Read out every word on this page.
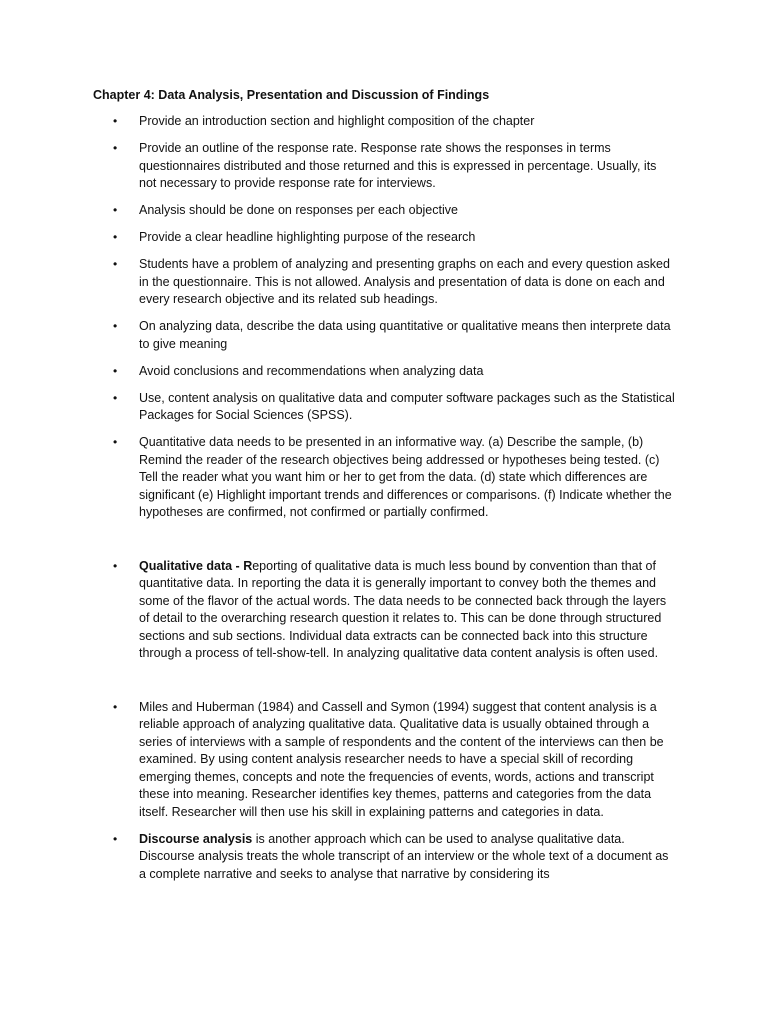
Chapter 4: Data Analysis, Presentation and Discussion of Findings
• Provide an introduction section and highlight composition of the chapter
• Provide an outline of the response rate. Response rate shows the responses in terms questionnaires distributed and those returned and this is expressed in percentage. Usually, its not necessary to provide response rate for interviews.
• Analysis should be done on responses per each objective
• Provide a clear headline highlighting purpose of the research
• Students have a problem of analyzing and presenting graphs on each and every question asked in the questionnaire. This is not allowed. Analysis and presentation of data is done on each and every research objective and its related sub headings.
• On analyzing data, describe the data using quantitative or qualitative means then interprete data to give meaning
• Avoid conclusions and recommendations when analyzing data
• Use, content analysis on qualitative data and computer software packages such as the Statistical Packages for Social Sciences (SPSS).
• Quantitative data needs to be presented in an informative way. (a) Describe the sample, (b) Remind the reader of the research objectives being addressed or hypotheses being tested. (c) Tell the reader what you want him or her to get from the data. (d) state which differences are significant (e) Highlight important trends and differences or comparisons. (f) Indicate whether the hypotheses are confirmed, not confirmed or partially confirmed.
• Qualitative data - Reporting of qualitative data is much less bound by convention than that of quantitative data. In reporting the data it is generally important to convey both the themes and some of the flavor of the actual words. The data needs to be connected back through the layers of detail to the overarching research question it relates to. This can be done through structured sections and sub sections. Individual data extracts can be connected back into this structure through a process of tell-show-tell. In analyzing qualitative data content analysis is often used.
• Miles and Huberman (1984) and Cassell and Symon (1994) suggest that content analysis is a reliable approach of analyzing qualitative data. Qualitative data is usually obtained through a series of interviews with a sample of respondents and the content of the interviews can then be examined. By using content analysis researcher needs to have a special skill of recording emerging themes, concepts and note the frequencies of events, words, actions and transcript these into meaning. Researcher identifies key themes, patterns and categories from the data itself. Researcher will then use his skill in explaining patterns and categories in data.
• Discourse analysis is another approach which can be used to analyse qualitative data. Discourse analysis treats the whole transcript of an interview or the whole text of a document as a complete narrative and seeks to analyse that narrative by considering its
